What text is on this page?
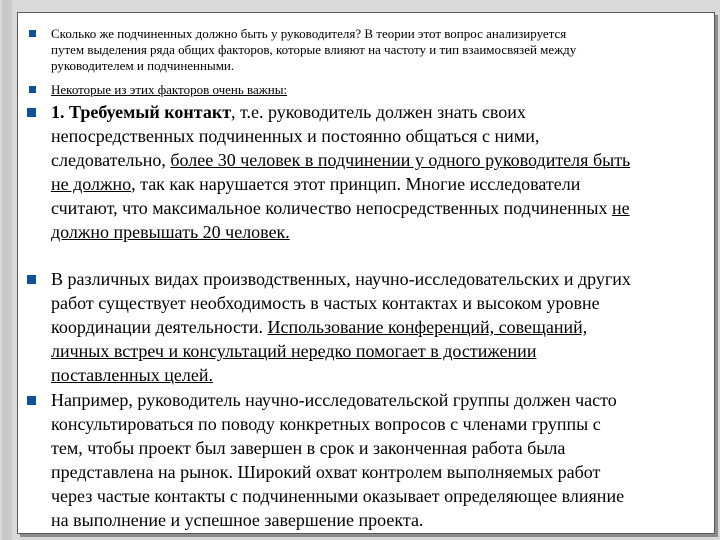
Сколько же подчиненных должно быть у руководителя? В теории этот вопрос анализируется
путем выделения ряда общих факторов, которые влияют на частоту и тип взаимосвязей между
руководителем и подчиненными.
Некоторые из этих факторов очень важны:
1. Требуемый контакт, т.е. руководитель должен знать своих
непосредственных подчиненных и постоянно общаться с ними,
следовательно, более 30 человек в подчинении у одного руководителя быть
не должно, так как нарушается этот принцип. Многие исследователи
считают, что максимальное количество непосредственных подчиненных не
должно превышать 20 человек.
В различных видах производственных, научно-исследовательских и других
работ существует необходимость в частых контактах и высоком уровне
координации деятельности. Использование конференций, совещаний,
личных встреч и консультаций нередко помогает в достижении
поставленных целей.
Например, руководитель научно-исследовательской группы должен часто
консультироваться по поводу конкретных вопросов с членами группы с
тем, чтобы проект был завершен в срок и законченная работа была
представлена на рынок. Широкий охват контролем выполняемых работ
через частые контакты с подчиненными оказывает определяющее влияние
на выполнение и успешное завершение проекта.
